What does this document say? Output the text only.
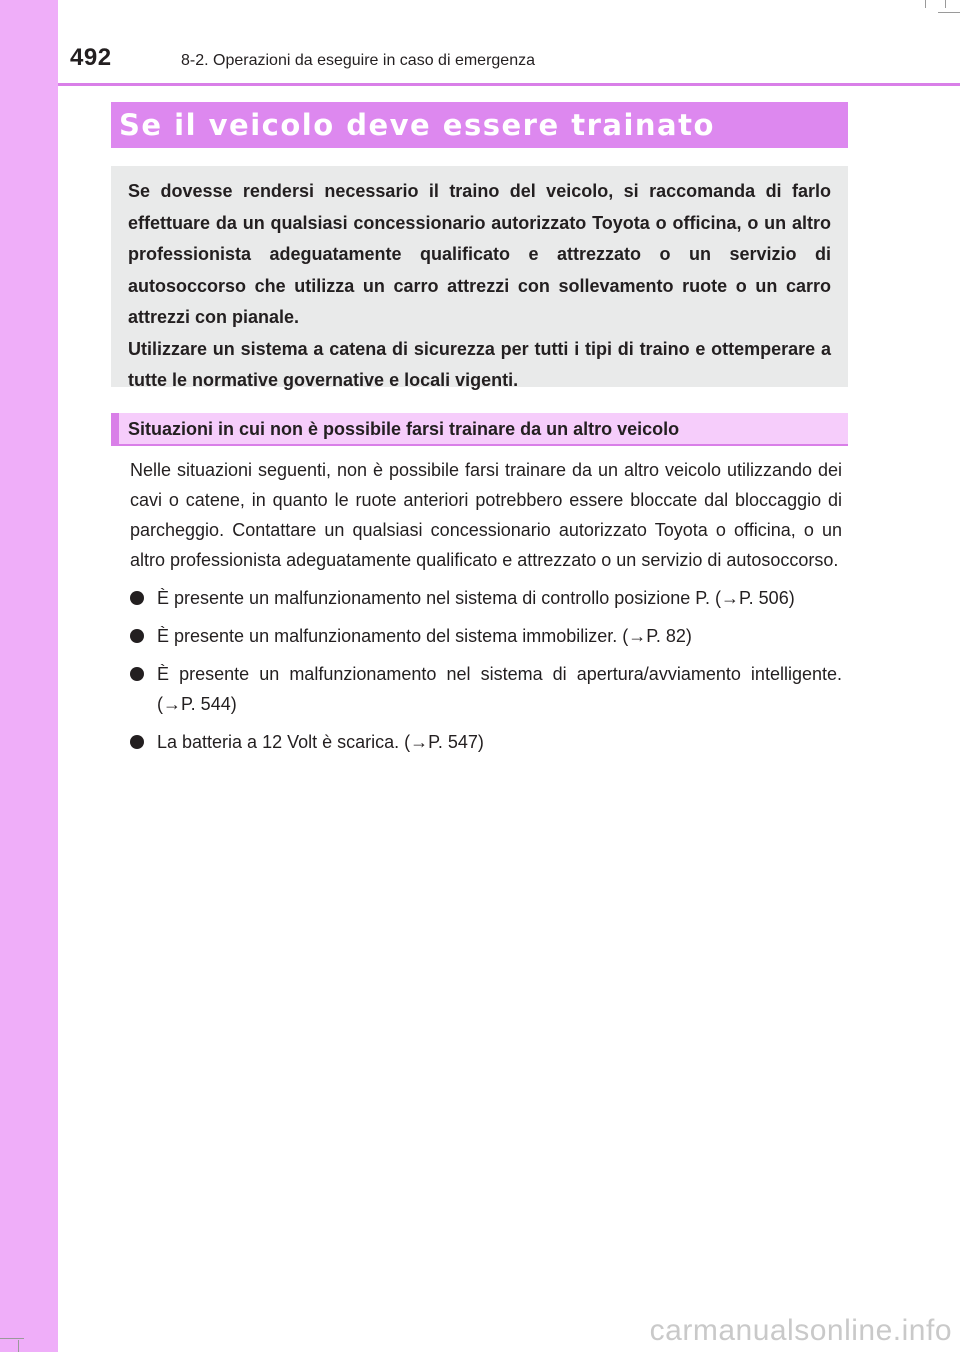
492	8-2. Operazioni da eseguire in caso di emergenza
Se il veicolo deve essere trainato

Se dovesse rendersi necessario il traino del veicolo, si raccomanda di farlo effettuare da un qualsiasi concessionario autorizzato Toyota o officina, o un altro professionista adeguatamente qualificato e attrezzato o un servizio di autosoccorso che utilizza un carro attrezzi con sollevamento ruote o un carro attrezzi con pianale.

Utilizzare un sistema a catena di sicurezza per tutti i tipi di traino e ottemperare a tutte le normative governative e locali vigenti.

Situazioni in cui non è possibile farsi trainare da un altro veicolo

Nelle situazioni seguenti, non è possibile farsi trainare da un altro veicolo utilizzando dei cavi o catene, in quanto le ruote anteriori potrebbero essere bloccate dal bloccaggio di parcheggio. Contattare un qualsiasi concessionario autorizzato Toyota o officina, o un altro professionista adeguatamente qualificato e attrezzato o un servizio di autosoccorso.

È presente un malfunzionamento nel sistema di controllo posizione P. (→P. 506)
È presente un malfunzionamento del sistema immobilizer. (→P. 82)
È presente un malfunzionamento nel sistema di apertura/avviamento intelligente. (→P. 544)
La batteria a 12 Volt è scarica. (→P. 547)
carmanualsonline.info
